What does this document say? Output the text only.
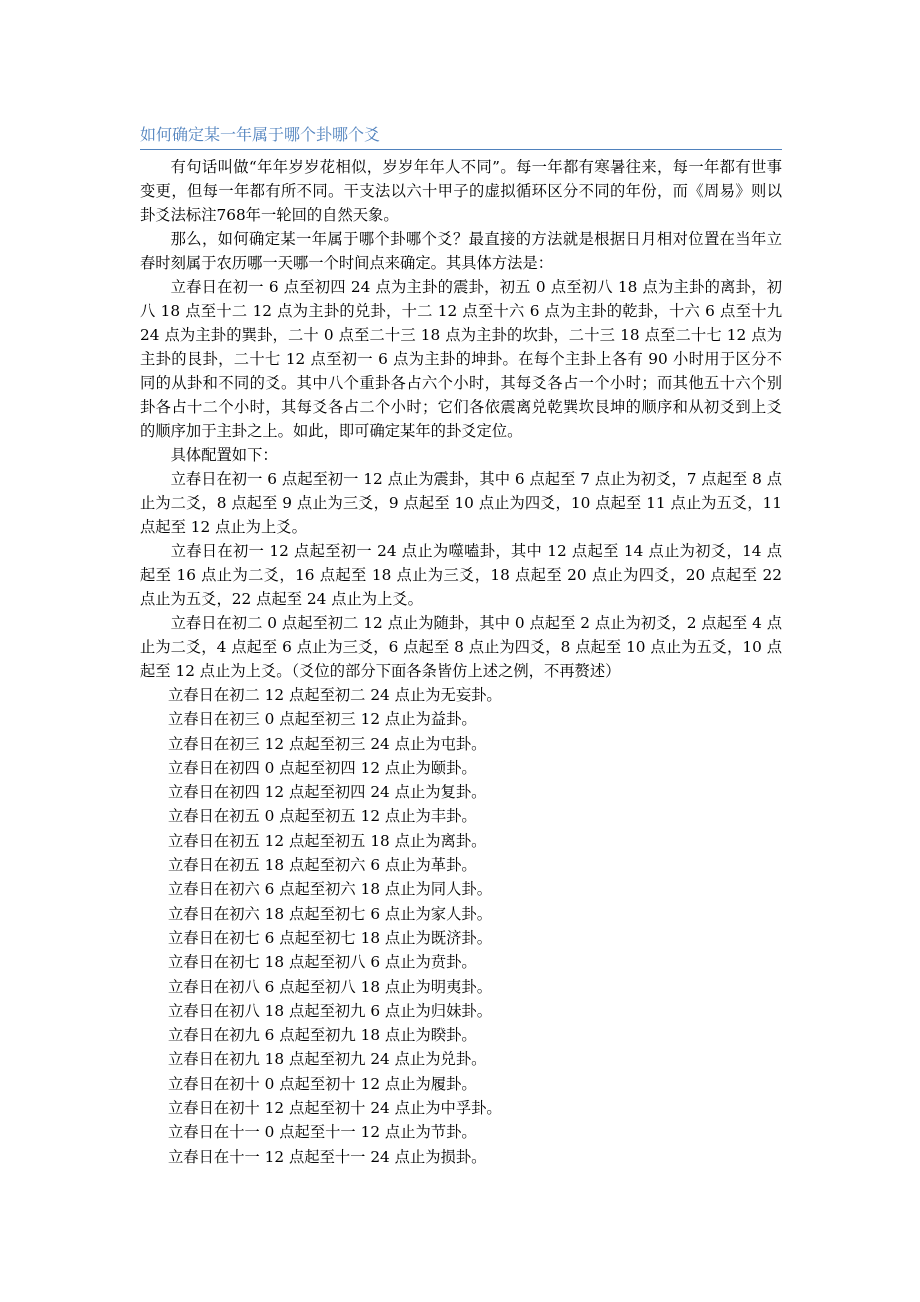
如何确定某一年属于哪个卦哪个爻

有句话叫做“年年岁岁花相似，岁岁年年人不同”。每一年都有寒暑往来，每一年都有世事变更，但每一年都有所不同。干支法以六十甲子的虚拟循环区分不同的年份，而《周易》则以卦爻法标注768年一轮回的自然天象。

那么，如何确定某一年属于哪个卦哪个爻？最直接的方法就是根据日月相对位置在当年立春时刻属于农历哪一天哪一个时间点来确定。其具体方法是：

立春日在初一 6 点至初四 24 点为主卦的震卦，初五 0 点至初八 18 点为主卦的离卦，初八 18 点至十二 12 点为主卦的兑卦，十二 12 点至十六 6 点为主卦的乾卦，十六 6 点至十九 24 点为主卦的巽卦，二十 0 点至二十三 18 点为主卦的坎卦，二十三 18 点至二十七 12 点为主卦的艮卦，二十七 12 点至初一 6 点为主卦的坤卦。在每个主卦上各有 90 小时用于区分不同的从卦和不同的爻。其中八个重卦各占六个小时，其每爻各占一个小时；而其他五十六个别卦各占十二个小时，其每爻各占二个小时；它们各依震离兑乾巽坎艮坤的顺序和从初爻到上爻的顺序加于主卦之上。如此，即可确定某年的卦爻定位。

具体配置如下：

立春日在初一 6 点起至初一 12 点止为震卦，其中 6 点起至 7 点止为初爻，7 点起至 8 点止为二爻，8 点起至 9 点止为三爻，9 点起至 10 点止为四爻，10 点起至 11 点止为五爻，11 点起至 12 点止为上爻。

立春日在初一 12 点起至初一 24 点止为噬嗑卦，其中 12 点起至 14 点止为初爻，14 点起至 16 点止为二爻，16 点起至 18 点止为三爻，18 点起至 20 点止为四爻，20 点起至 22 点止为五爻，22 点起至 24 点止为上爻。

立春日在初二 0 点起至初二 12 点止为随卦，其中 0 点起至 2 点止为初爻，2 点起至 4 点止为二爻，4 点起至 6 点止为三爻，6 点起至 8 点止为四爻，8 点起至 10 点止为五爻，10 点起至 12 点止为上爻。（爻位的部分下面各条皆仿上述之例，不再赘述）

立春日在初二 12 点起至初二 24 点止为无妄卦。

立春日在初三 0 点起至初三 12 点止为益卦。

立春日在初三 12 点起至初三 24 点止为屯卦。

立春日在初四 0 点起至初四 12 点止为颐卦。

立春日在初四 12 点起至初四 24 点止为复卦。

立春日在初五 0 点起至初五 12 点止为丰卦。

立春日在初五 12 点起至初五 18 点止为离卦。

立春日在初五 18 点起至初六 6 点止为革卦。

立春日在初六 6 点起至初六 18 点止为同人卦。

立春日在初六 18 点起至初七 6 点止为家人卦。

立春日在初七 6 点起至初七 18 点止为既济卦。

立春日在初七 18 点起至初八 6 点止为贲卦。

立春日在初八 6 点起至初八 18 点止为明夷卦。

立春日在初八 18 点起至初九 6 点止为归妹卦。

立春日在初九 6 点起至初九 18 点止为睽卦。

立春日在初九 18 点起至初九 24 点止为兑卦。

立春日在初十 0 点起至初十 12 点止为履卦。

立春日在初十 12 点起至初十 24 点止为中孚卦。

立春日在十一 0 点起至十一 12 点止为节卦。

立春日在十一 12 点起至十一 24 点止为损卦。
